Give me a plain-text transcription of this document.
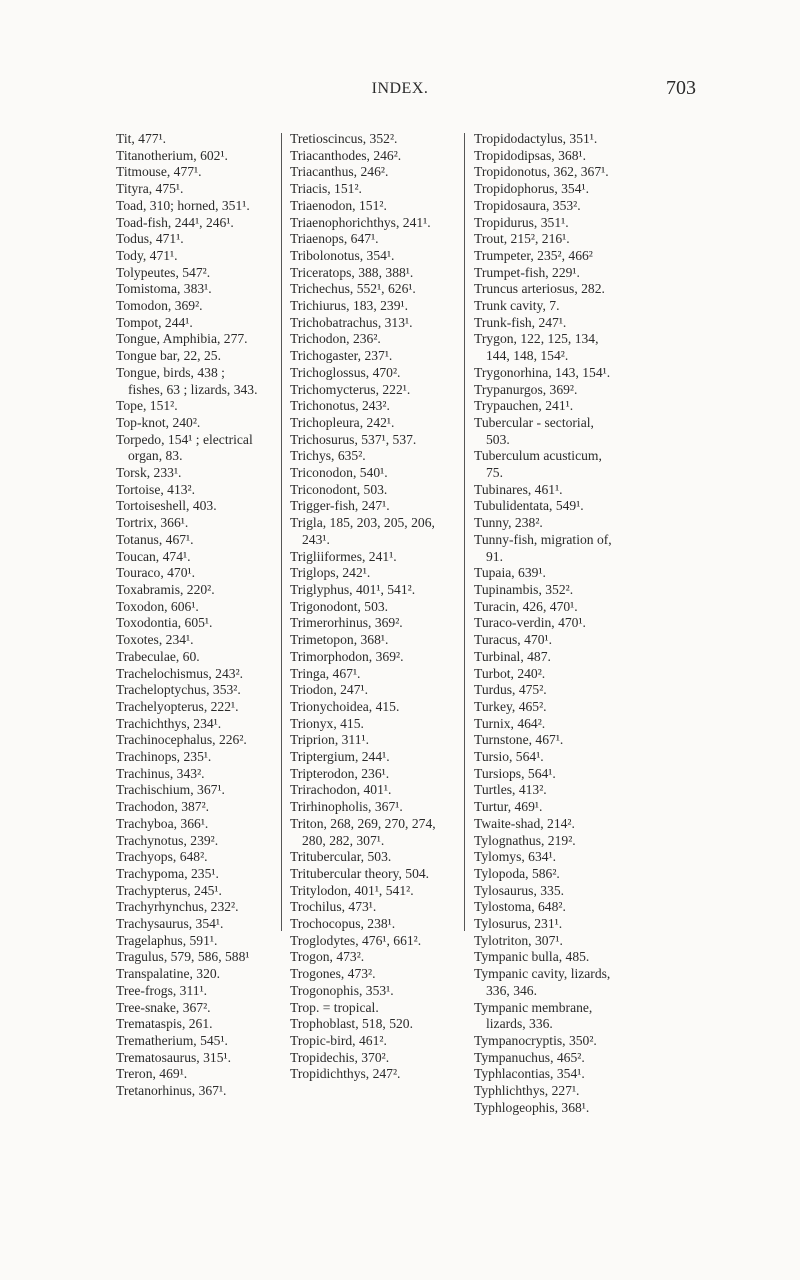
INDEX.	703
Tit, 477¹.
Titanotherium, 602¹.
Titmouse, 477¹.
Tityra, 475¹.
Toad, 310; horned, 351¹.
Toad-fish, 244¹, 246¹.
Todus, 471¹.
Tody, 471¹.
Tolypeutes, 547².
Tomistoma, 383¹.
Tomodon, 369².
Tompot, 244¹.
Tongue, Amphibia, 277.
Tongue bar, 22, 25.
Tongue, birds, 438 ; fishes, 63 ; lizards, 343.
Tope, 151².
Top-knot, 240².
Torpedo, 154¹ ; electrical organ, 83.
Torsk, 233¹.
Tortoise, 413².
Tortoiseshell, 403.
Tortrix, 366¹.
Totanus, 467¹.
Toucan, 474¹.
Touraco, 470¹.
Toxabramis, 220².
Toxodon, 606¹.
Toxodontia, 605¹.
Toxotes, 234¹.
Trabeculae, 60.
Trachelochismus, 243².
Tracheloptychus, 353².
Trachelyopterus, 222¹.
Trachichthys, 234¹.
Trachinocephalus, 226².
Trachinops, 235¹.
Trachinus, 343².
Trachischium, 367¹.
Trachodon, 387².
Trachyboa, 366¹.
Trachynotus, 239².
Trachyops, 648².
Trachypoma, 235¹.
Trachypterus, 245¹.
Trachyrhynchus, 232².
Trachysaurus, 354¹.
Tragelaphus, 591¹.
Tragulus, 579, 586, 588¹
Transpalatine, 320.
Tree-frogs, 311¹.
Tree-snake, 367².
Tremataspis, 261.
Trematherium, 545¹.
Trematosaurus, 315¹.
Treron, 469¹.
Tretanorhinus, 367¹.
Tretioscincus, 352².
Triacanthodes, 246².
Triacanthus, 246².
Triacis, 151².
Triaenodon, 151².
Triaenophorichthys, 241¹.
Triaenops, 647¹.
Tribolonotus, 354¹.
Triceratops, 388, 388¹.
Trichechus, 552¹, 626¹.
Trichiurus, 183, 239¹.
Trichobatrachus, 313¹.
Trichodon, 236².
Trichogaster, 237¹.
Trichoglossus, 470².
Trichomycterus, 222¹.
Trichonotus, 243².
Trichopleura, 242¹.
Trichosurus, 537¹, 537.
Trichys, 635².
Triconodon, 540¹.
Triconodont, 503.
Trigger-fish, 247¹.
Trigla, 185, 203, 205, 206, 243¹.
Trigliiformes, 241¹.
Triglops, 242¹.
Triglyphus, 401¹, 541².
Trigonodont, 503.
Trimerorhinus, 369².
Trimetopon, 368¹.
Trimorphodon, 369².
Tringa, 467¹.
Triodon, 247¹.
Trionychoidea, 415.
Trionyx, 415.
Triprion, 311¹.
Triptergium, 244¹.
Tripterodon, 236¹.
Trirachodon, 401¹.
Trirhinopholis, 367¹.
Triton, 268, 269, 270, 274, 280, 282, 307¹.
Tritubercular, 503.
Tritubercular theory, 504.
Tritylodon, 401¹, 541².
Trochilus, 473¹.
Trochocopus, 238¹.
Troglodytes, 476¹, 661².
Trogon, 473².
Trogones, 473².
Trogonophis, 353¹.
Trop. = tropical.
Trophoblast, 518, 520.
Tropic-bird, 461².
Tropidechis, 370².
Tropidichthys, 247².
Tropidodactylus, 351¹.
Tropidodipsas, 368¹.
Tropidonotus, 362, 367¹.
Tropidophorus, 354¹.
Tropidosaura, 353².
Tropidurus, 351¹.
Trout, 215², 216¹.
Trumpeter, 235², 466²
Trumpet-fish, 229¹.
Truncus arteriosus, 282.
Trunk cavity, 7.
Trunk-fish, 247¹.
Trygon, 122, 125, 134, 144, 148, 154².
Trygonorhina, 143, 154¹.
Trypanurgos, 369².
Trypauchen, 241¹.
Tubercular - sectorial, 503.
Tuberculum acusticum, 75.
Tubinares, 461¹.
Tubulidentata, 549¹.
Tunny, 238².
Tunny-fish, migration of, 91.
Tupaia, 639¹.
Tupinambis, 352².
Turacin, 426, 470¹.
Turaco-verdin, 470¹.
Turacus, 470¹.
Turbinal, 487.
Turbot, 240².
Turdus, 475².
Turkey, 465².
Turnix, 464².
Turnstone, 467¹.
Tursio, 564¹.
Tursiops, 564¹.
Turtles, 413².
Turtur, 469¹.
Twaite-shad, 214².
Tylognathus, 219².
Tylomys, 634¹.
Tylopoda, 586².
Tylosaurus, 335.
Tylostoma, 648².
Tylosurus, 231¹.
Tylotriton, 307¹.
Tympanic bulla, 485.
Tympanic cavity, lizards, 336, 346.
Tympanic membrane, lizards, 336.
Tympanocryptis, 350².
Tympanuchus, 465².
Typhlacontias, 354¹.
Typhlichthys, 227¹.
Typhlogeophis, 368¹.
